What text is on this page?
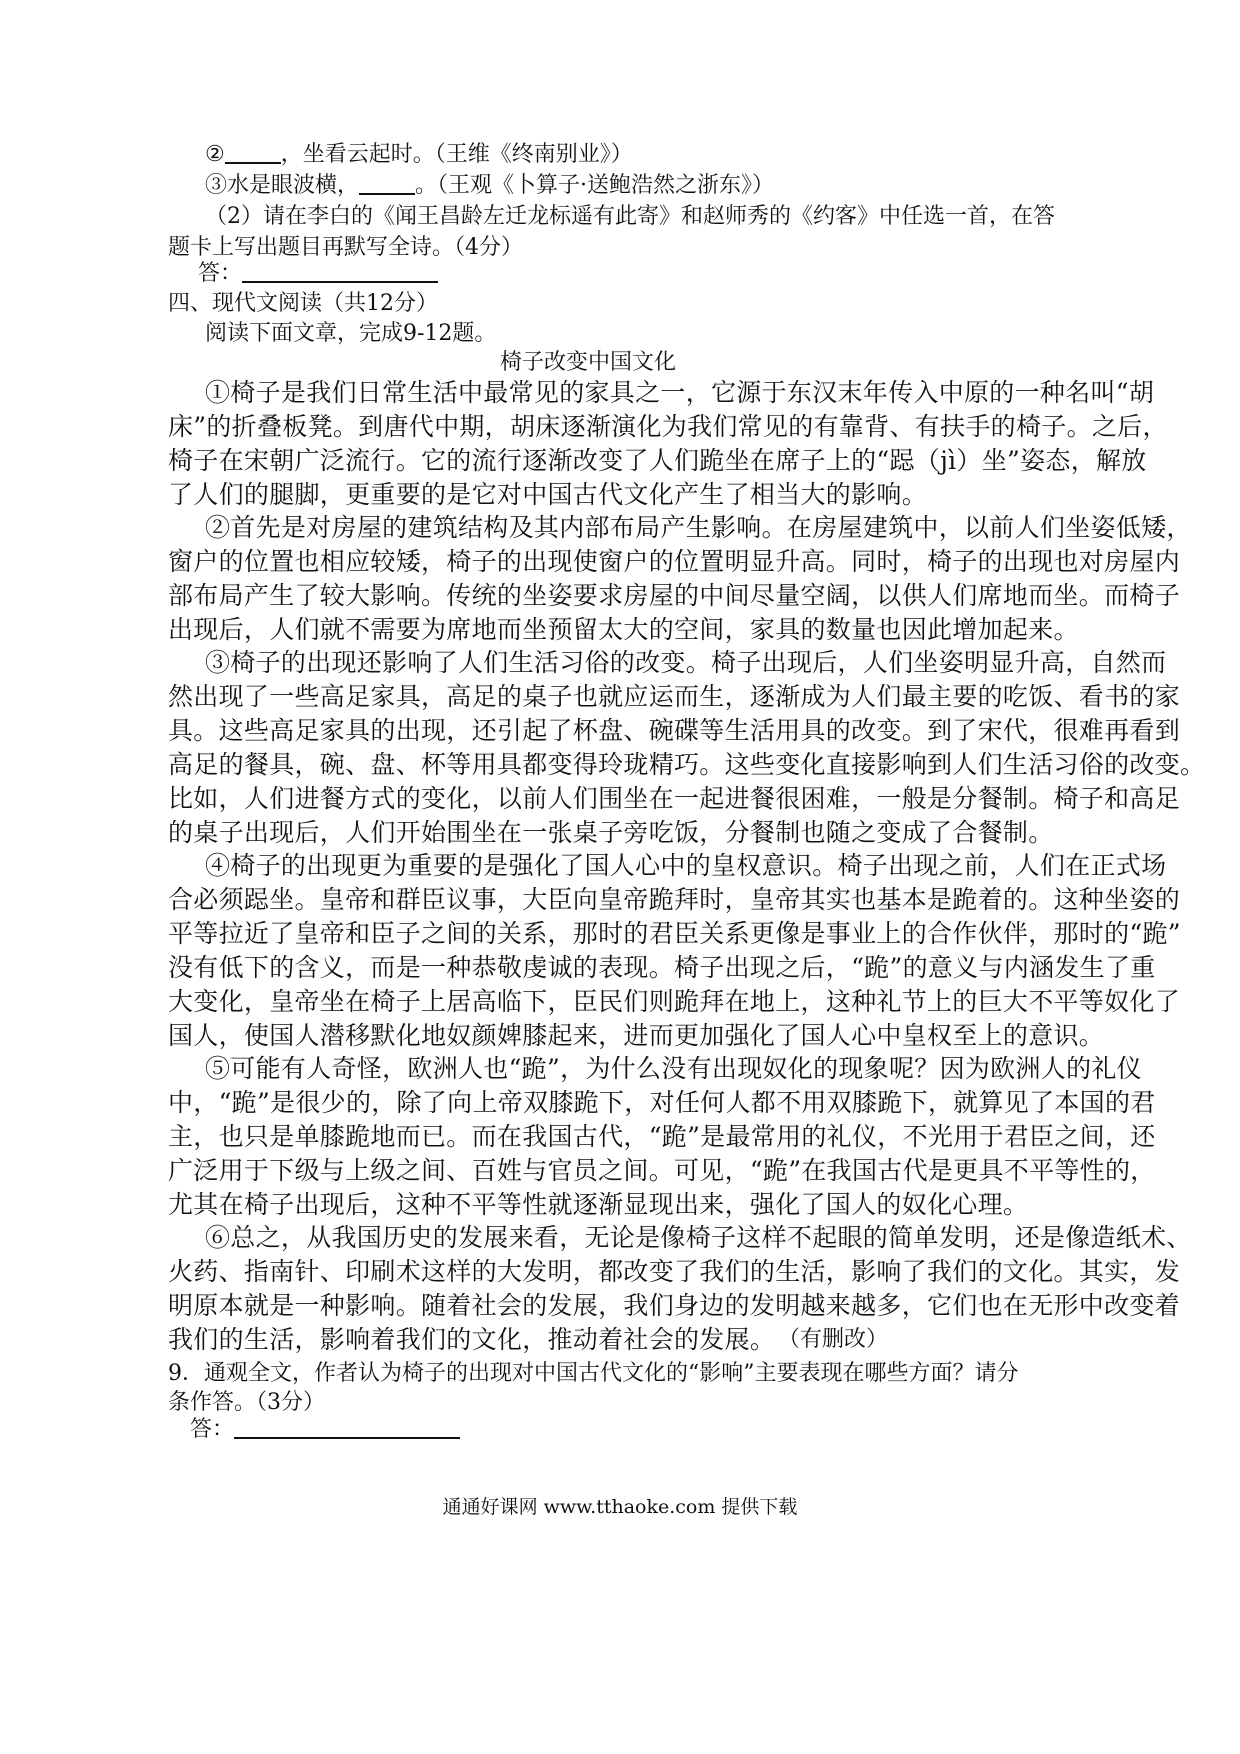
②	，坐看云起时。（王维《终南别业》）
③水是眼波横，	。（王观《卜算子·送鲍浩然之浙东》）
（2）请在李白的《闻王昌龄左迁龙标遥有此寄》和赵师秀的《约客》中任选一首，在答
题卡上写出题目再默写全诗。（4分）
答：
四、现代文阅读（共12分）
阅读下面文章，完成9-12题。
椅子改变中国文化
①椅子是我们日常生活中最常见的家具之一，它源于东汉末年传入中原的一种名叫“胡
床”的折叠板凳。到唐代中期，胡床逐渐演化为我们常见的有靠背、有扶手的椅子。之后，
椅子在宋朝广泛流行。它的流行逐渐改变了人们跪坐在席子上的“跽（jì）坐”姿态，解放
了人们的腿脚，更重要的是它对中国古代文化产生了相当大的影响。
②首先是对房屋的建筑结构及其内部布局产生影响。在房屋建筑中，以前人们坐姿低矮，
窗户的位置也相应较矮，椅子的出现使窗户的位置明显升高。同时，椅子的出现也对房屋内
部布局产生了较大影响。传统的坐姿要求房屋的中间尽量空阔，以供人们席地而坐。而椅子
出现后，人们就不需要为席地而坐预留太大的空间，家具的数量也因此增加起来。
③椅子的出现还影响了人们生活习俗的改变。椅子出现后，人们坐姿明显升高，自然而
然出现了一些高足家具，高足的桌子也就应运而生，逐渐成为人们最主要的吃饭、看书的家
具。这些高足家具的出现，还引起了杯盘、碗碟等生活用具的改变。到了宋代，很难再看到
高足的餐具，碗、盘、杯等用具都变得玲珑精巧。这些变化直接影响到人们生活习俗的改变。
比如，人们进餐方式的变化，以前人们围坐在一起进餐很困难，一般是分餐制。椅子和高足
的桌子出现后，人们开始围坐在一张桌子旁吃饭，分餐制也随之变成了合餐制。
④椅子的出现更为重要的是强化了国人心中的皇权意识。椅子出现之前，人们在正式场
合必须跽坐。皇帝和群臣议事，大臣向皇帝跪拜时，皇帝其实也基本是跪着的。这种坐姿的
平等拉近了皇帝和臣子之间的关系，那时的君臣关系更像是事业上的合作伙伴，那时的“跪”
没有低下的含义，而是一种恭敬虔诚的表现。椅子出现之后，“跪”的意义与内涵发生了重
大变化，皇帝坐在椅子上居高临下，臣民们则跪拜在地上，这种礼节上的巨大不平等奴化了
国人，使国人潜移默化地奴颜婢膝起来，进而更加强化了国人心中皇权至上的意识。
⑤可能有人奇怪，欧洲人也“跪”，为什么没有出现奴化的现象呢？因为欧洲人的礼仪
中，“跪”是很少的，除了向上帝双膝跪下，对任何人都不用双膝跪下，就算见了本国的君
主，也只是单膝跪地而已。而在我国古代，“跪”是最常用的礼仪，不光用于君臣之间，还
广泛用于下级与上级之间、百姓与官员之间。可见，“跪”在我国古代是更具不平等性的，
尤其在椅子出现后，这种不平等性就逐渐显现出来，强化了国人的奴化心理。
⑥总之，从我国历史的发展来看，无论是像椅子这样不起眼的简单发明，还是像造纸术、
火药、指南针、印刷术这样的大发明，都改变了我们的生活，影响了我们的文化。其实，发
明原本就是一种影响。随着社会的发展，我们身边的发明越来越多，它们也在无形中改变着
我们的生活，影响着我们的文化，推动着社会的发展。 （有删改）
9．通观全文，作者认为椅子的出现对中国古代文化的“影响”主要表现在哪些方面？请分
条作答。（3分）
答：
通通好课网 www.tthaoke.com 提供下载
